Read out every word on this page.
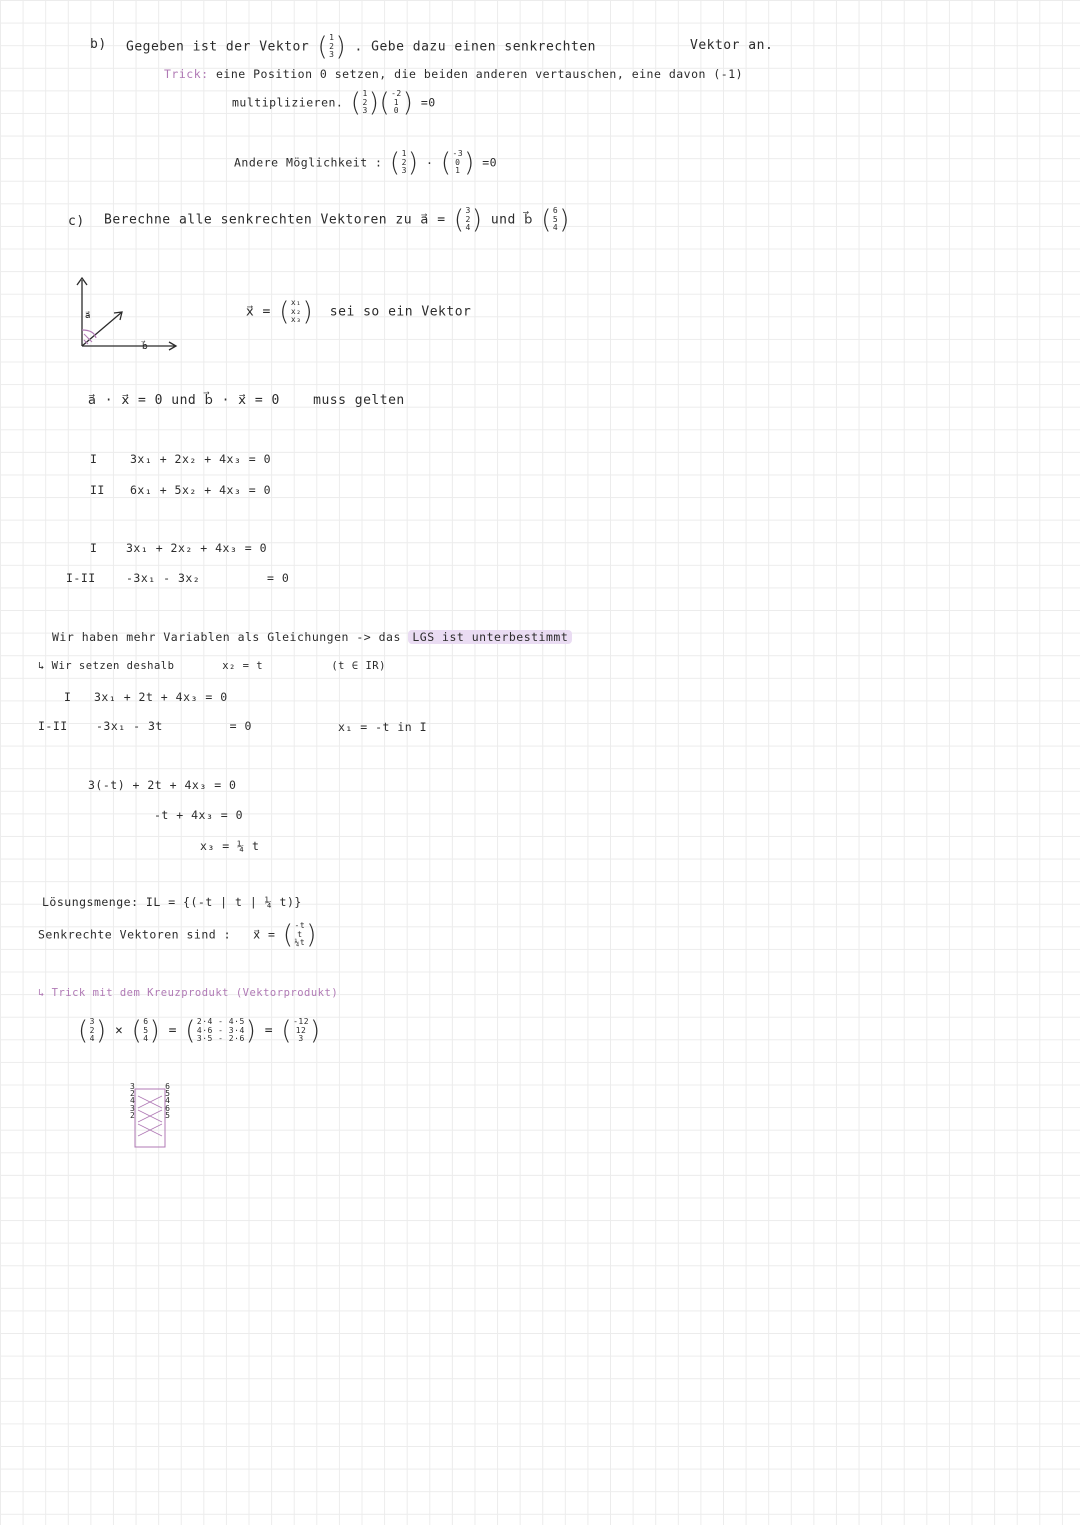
b) Gegeben ist der Vektor ( 1
2
3 ) . Gebe dazu einen senkrechten	Vektor an.
Trick: eine Position 0 setzen, die beiden anderen vertauschen, eine davon (-1)
multiplizieren. ( 1
2
3 ) ( -2
1
0 ) =0
Andere Möglichkeit : ( 1
2
3 ) · ( -3
0
1 ) =0
c) Berechne alle senkrechten Vektoren zu a⃗ = ( 3
2
4 ) und b⃗ ( 6
5
4 )
a⃗
b⃗
x⃗ = ( x₁
x₂
x₃ ) sei so ein Vektor
a⃗ · x⃗ = 0 und b⃗ · x⃗ = 0	muss gelten
I	3x₁ + 2x₂ + 4x₃ = 0
II 6x₁ + 5x₂ + 4x₃ = 0
I 3x₁ + 2x₂ + 4x₃ = 0
I-II	-3x₁ - 3x₂         = 0
Wir haben mehr Variablen als Gleichungen -> das LGS ist unterbestimmt
↳ Wir setzen deshalb	x₂ = t	(t ∈ IR)
I 3x₁ + 2t + 4x₃ = 0
I-II -3x₁ - 3t         = 0	x₁ = -t in I
3(-t) + 2t + 4x₃ = 0
-t + 4x₃ = 0
x₃ = ¼ t
Lösungsmenge: IL = {(-t | t | ¼ t)}
Senkrechte Vektoren sind : x⃗ = ( -t
t
¼t )
↳ Trick mit dem Kreuzprodukt (Vektorprodukt)
( 3
2
4 ) × ( 6
5
4 ) = ( 2·4 - 4·5
4·6 - 3·4
3·5 - 2·6 ) = ( -12
12
3 )
3	6
2	5
4	4
3	6
2	5
